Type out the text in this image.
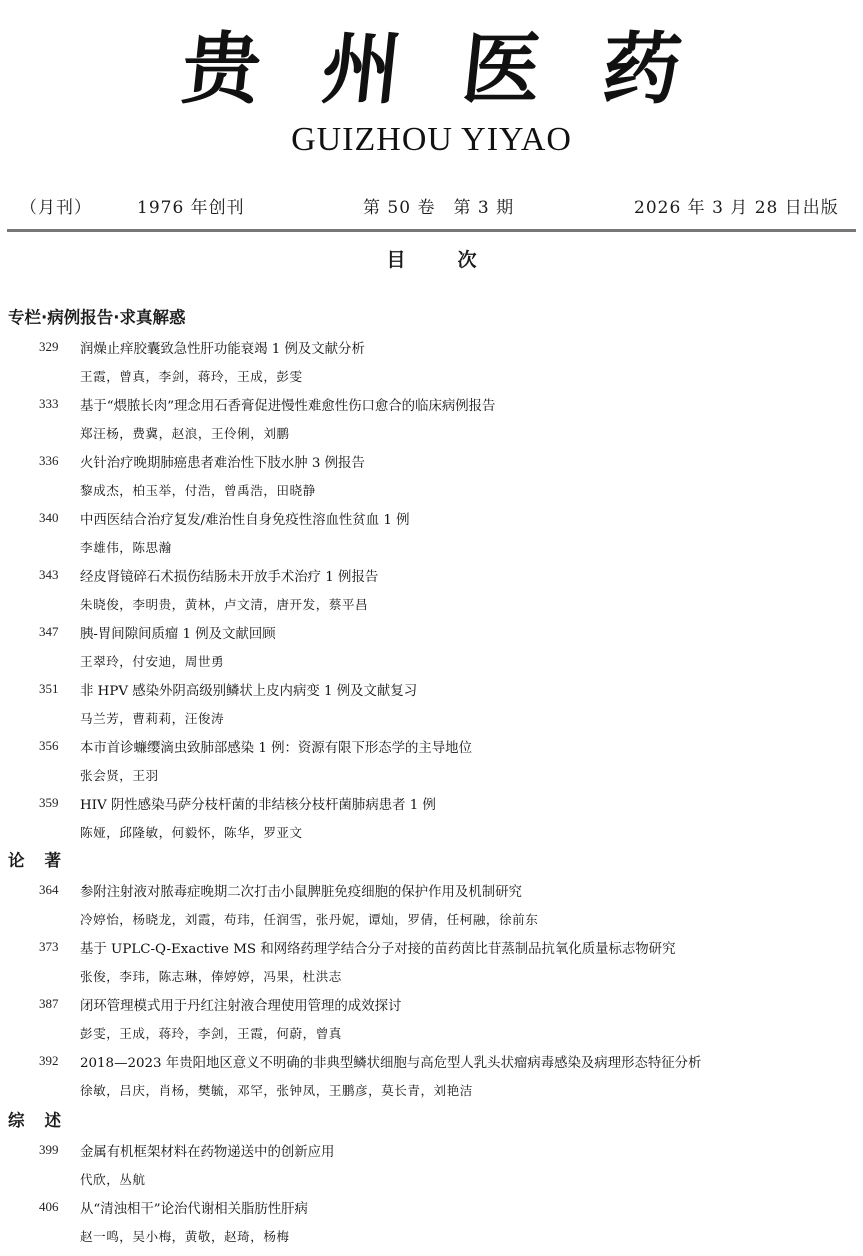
贵州医药
GUIZHOU YIYAO
（月刊）	1976 年创刊	第 50 卷　第 3 期	2026 年 3 月 28 日出版
目	次
专栏·病例报告·求真解惑
329 润燥止痒胶囊致急性肝功能衰竭 1 例及文献分析
王霞，曾真，李剑，蒋玲，王成，彭雯
333 基于“煨脓长肉”理念用石香膏促进慢性难愈性伤口愈合的临床病例报告
郑汪杨，费冀，赵浪，王伶俐，刘鹏
336 火针治疗晚期肺癌患者难治性下肢水肿 3 例报告
黎成杰，柏玉举，付浩，曾禹浩，田晓静
340 中西医结合治疗复发/难治性自身免疫性溶血性贫血 1 例
李雄伟，陈思瀚
343 经皮肾镜碎石术损伤结肠未开放手术治疗 1 例报告
朱晓俊，李明贵，黄林，卢文清，唐开发，蔡平昌
347 胰-胃间隙间质瘤 1 例及文献回顾
王翠玲，付安迪，周世勇
351 非 HPV 感染外阴高级别鳞状上皮内病变 1 例及文献复习
马兰芳，曹莉莉，汪俊涛
356 本市首诊蠊缨滴虫致肺部感染 1 例：资源有限下形态学的主导地位
张会贤，王羽
359 HIV 阴性感染马萨分枝杆菌的非结核分枝杆菌肺病患者 1 例
陈娅，邱隆敏，何毅怀，陈华，罗亚文
论著
364 参附注射液对脓毒症晚期二次打击小鼠脾脏免疫细胞的保护作用及机制研究
冷婷怡，杨晓龙，刘霞，苟玮，任润雪，张丹妮，谭灿，罗倩，任柯融，徐前东
373 基于 UPLC-Q-Exactive MS 和网络药理学结合分子对接的苗药茵比苷蒸制品抗氧化质量标志物研究
张俊，李玮，陈志琳，俸婷婷，冯果，杜洪志
387 闭环管理模式用于丹红注射液合理使用管理的成效探讨
彭雯，王成，蒋玲，李剑，王霞，何蔚，曾真
392 2018—2023 年贵阳地区意义不明确的非典型鳞状细胞与高危型人乳头状瘤病毒感染及病理形态特征分析
徐敏，吕庆，肖杨，樊毓，邓罕，张钟凤，王鹏彦，莫长青，刘艳洁
综述
399 金属有机框架材料在药物递送中的创新应用
代欣，丛航
406 从“清浊相干”论治代谢相关脂肪性肝病
赵一鸣，吴小梅，黄敬，赵琦，杨梅
